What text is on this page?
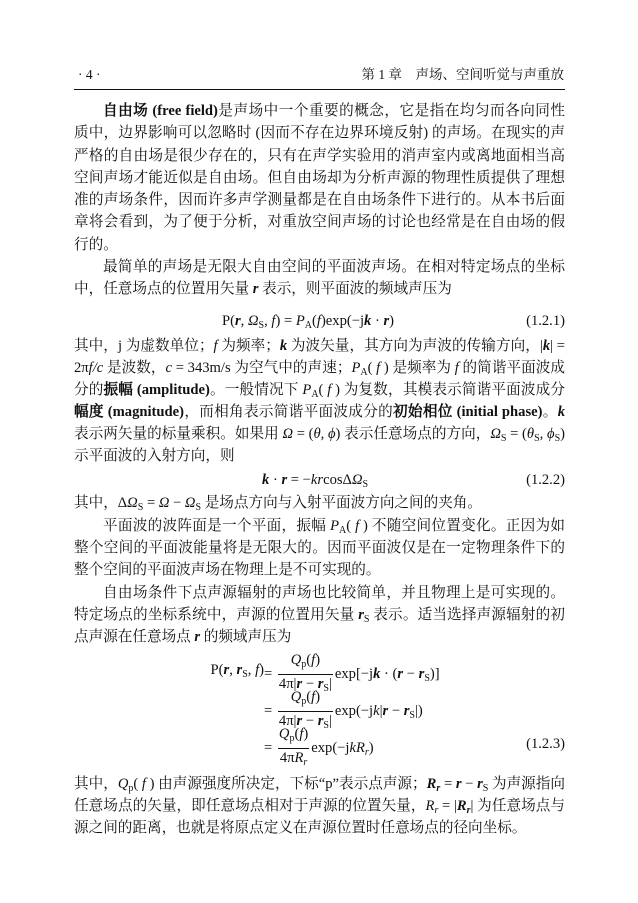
· 4 ·	第 1 章　声场、空间听觉与声重放
自由场 (free field)是声场中一个重要的概念，它是指在均匀而各向同性
质中，边界影响可以忽略时 (因而不存在边界环境反射) 的声场。在现实的声
严格的自由场是很少存在的，只有在声学实验用的消声室内或离地面相当高
空间声场才能近似是自由场。但自由场却为分析声源的物理性质提供了理想
准的声场条件，因而许多声学测量都是在自由场条件下进行的。从本书后面
章将会看到，为了便于分析，对重放空间声场的讨论也经常是在自由场的假
行的。
最简单的声场是无限大自由空间的平面波声场。在相对特定场点的坐标
中，任意场点的位置用矢量 r 表示，则平面波的频域声压为
其中，j 为虚数单位；f 为频率；k 为波矢量，其方向为声波的传输方向，|k| =
2πf/c 是波数，c = 343m/s 为空气中的声速；$P_A$( f ) 是频率为 f 的简谐平面波成
分的振幅 (amplitude)。一般情况下 $P_A$( f ) 为复数，其模表示简谐平面波成分
幅度 (magnitude)，而相角表示简谐平面波成分的初始相位 (initial phase)。k
表示两矢量的标量乘积。如果用 Ω = (θ, ϕ) 表示任意场点的方向，$\Omega_S = (\theta_S$, $\phi_S$)
示平面波的入射方向，则
其中，$\Delta\Omega_S = \Omega - \Omega_S$ 是场点方向与入射平面波方向之间的夹角。
平面波的波阵面是一个平面，振幅 $P_A$( f ) 不随空间位置变化。正因为如
整个空间的平面波能量将是无限大的。因而平面波仅是在一定物理条件下的
整个空间的平面波声场在物理上是不可实现的。
自由场条件下点声源辐射的声场也比较简单，并且物理上是可实现的。
特定场点的坐标系统中，声源的位置用矢量 $r_S$ 表示。适当选择声源辐射的初
点声源在任意场点 r 的频域声压为
其中，$Q_p$( f ) 由声源强度所决定，下标“p”表示点声源；$R_r = r - r_S$ 为声源指向
任意场点的矢量，即任意场点相对于声源的位置矢量，$R_r = |R_r|$ 为任意场点与
源之间的距离，也就是将原点定义在声源位置时任意场点的径向坐标。
P(r, $\Omega_S$, $f) = P_A(f)\exp(-jk \cdot r)$	(1.2.1)
k · r = −krcosΔΩ$_S$	(1.2.2)
P(r, $r_S$, $f) = \frac{Q_p(f)}{4\pi|r - r_S|} \exp[-jk \cdot (r - r_S)]$
= $\frac{Q_p(f)}{4\pi|r - r_S|} \exp(-jk|r - r_S|)$
= $\frac{Q_p(f)}{4\pi R_r} \exp(-jkR_r)$	(1.2.3)
